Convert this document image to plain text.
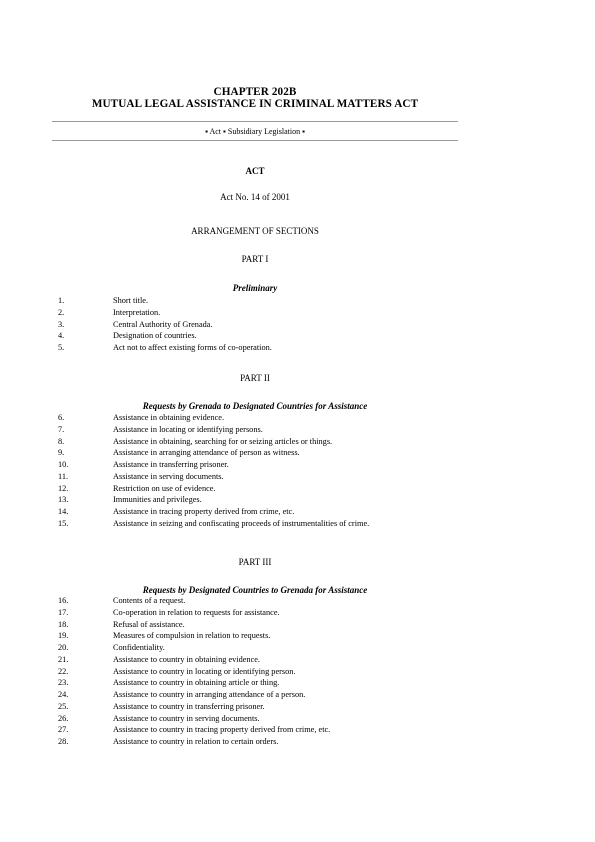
CHAPTER 202B
MUTUAL LEGAL ASSISTANCE IN CRIMINAL MATTERS ACT
▪ Act ▪ Subsidiary Legislation ▪
ACT
Act No. 14 of 2001
ARRANGEMENT OF SECTIONS
PART I
Preliminary
1.	Short title.
2.	Interpretation.
3.	Central Authority of Grenada.
4.	Designation of countries.
5.	Act not to affect existing forms of co-operation.
PART II
Requests by Grenada to Designated Countries for Assistance
6.	Assistance in obtaining evidence.
7.	Assistance in locating or identifying persons.
8.	Assistance in obtaining, searching for or seizing articles or things.
9.	Assistance in arranging attendance of person as witness.
10.	Assistance in transferring prisoner.
11.	Assistance in serving documents.
12.	Restriction on use of evidence.
13.	Immunities and privileges.
14.	Assistance in tracing property derived from crime, etc.
15.	Assistance in seizing and confiscating proceeds of instrumentalities of crime.
PART III
Requests by Designated Countries to Grenada for Assistance
16.	Contents of a request.
17.	Co-operation in relation to requests for assistance.
18.	Refusal of assistance.
19.	Measures of compulsion in relation to requests.
20.	Confidentiality.
21.	Assistance to country in obtaining evidence.
22.	Assistance to country in locating or identifying person.
23.	Assistance to country in obtaining article or thing.
24.	Assistance to country in arranging attendance of a person.
25.	Assistance to country in transferring prisoner.
26.	Assistance to country in serving documents.
27.	Assistance to country in tracing property derived from crime, etc.
28.	Assistance to country in relation to certain orders.
